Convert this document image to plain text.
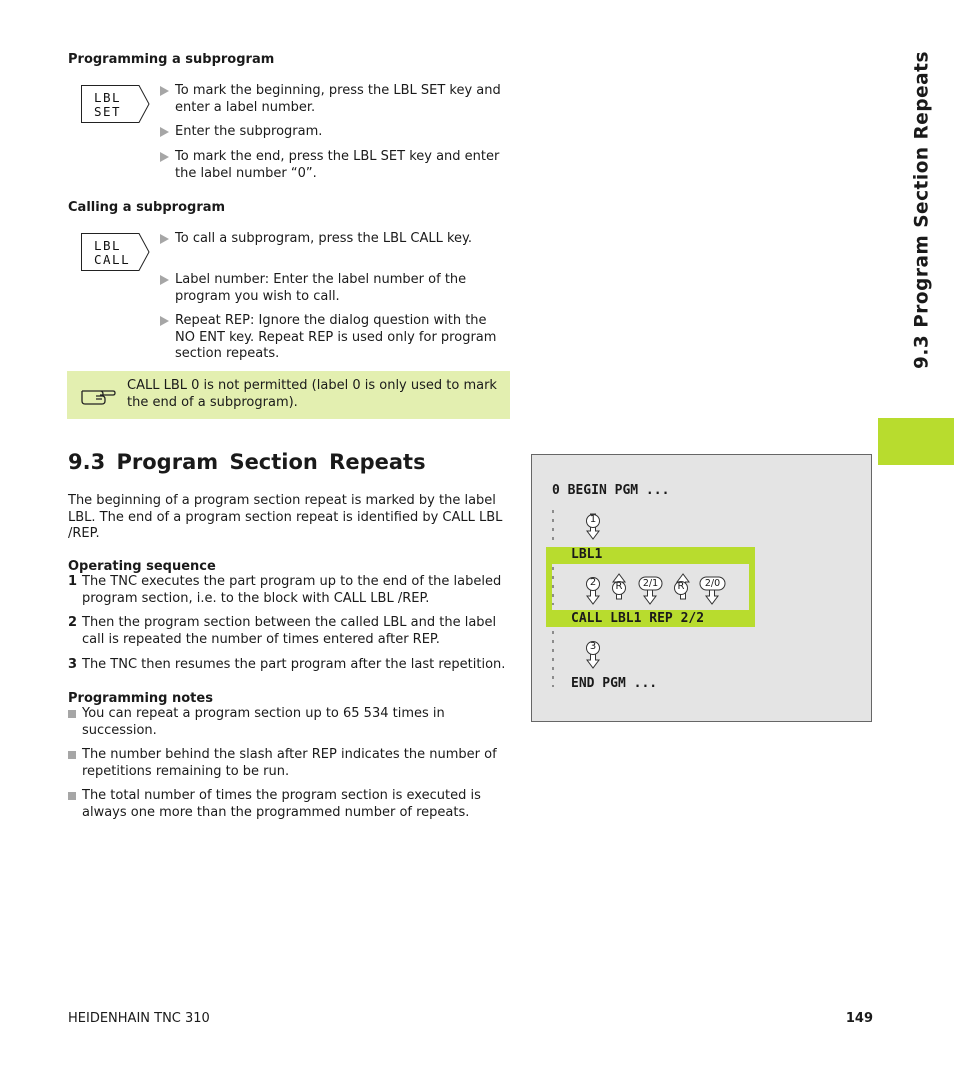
9.3 Program Section Repeats
Programming a subprogram
LBL
SET
To mark the beginning, press the LBL SET key and enter a label number.
Enter the subprogram.
To mark the end, press the LBL SET key and enter the label number “0”.
Calling a subprogram
LBL
CALL
To call a subprogram, press the LBL CALL key.
Label number: Enter the label number of the program you wish to call.
Repeat REP: Ignore the dialog question with the NO ENT key. Repeat REP is used only for program section repeats.
CALL LBL 0 is not permitted (label 0 is only used to mark the end of a subprogram).
9.3 Program Section Repeats
The beginning of a program section repeat is marked by the label LBL. The end of a program section repeat is identified by CALL LBL /REP.
Operating sequence
1 The TNC executes the part program up to the end of the labeled program section, i.e. to the block with CALL LBL /REP.
2 Then the program section between the called LBL and the label call is repeated the number of times entered after REP.
3 The TNC then resumes the part program after the last repetition.
Programming notes
You can repeat a program section up to 65 534 times in succession.
The number behind the slash after REP indicates the number of repetitions remaining to be run.
The total number of times the program section is executed is always one more than the programmed number of repeats.
0 BEGIN PGM ...
LBL1
CALL LBL1 REP 2/2
END PGM ...
1
2 R	2/1	R	2/0
3
HEIDENHAIN TNC 310	149
